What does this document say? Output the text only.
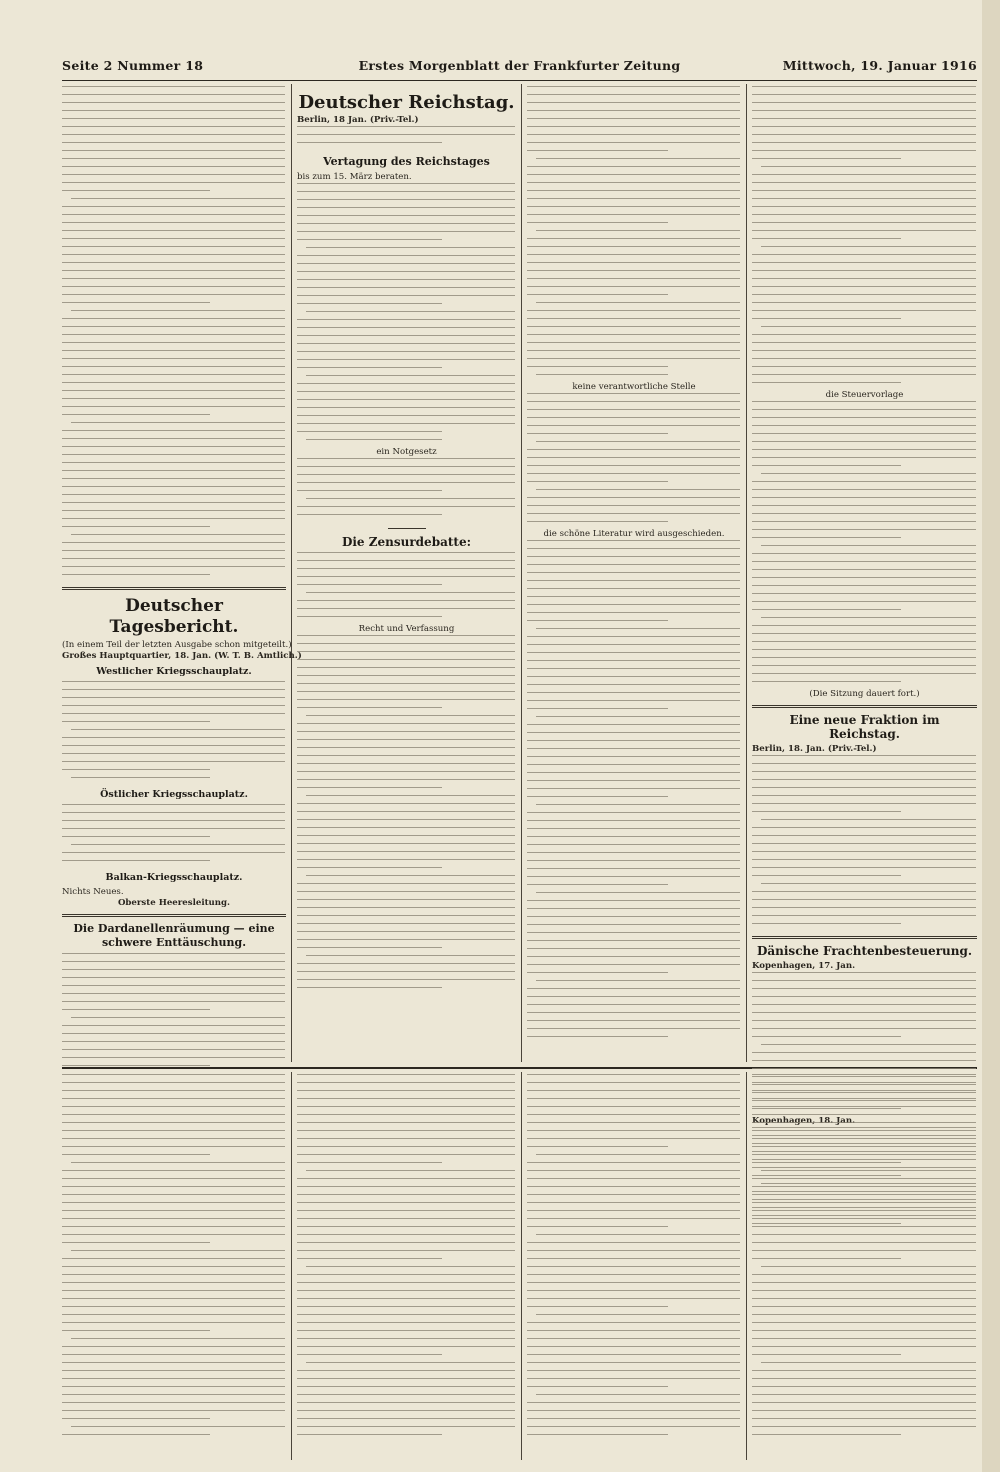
Seite 2 Nummer 18	Erstes Morgenblatt der Frankfurter Zeitung	Mittwoch, 19. Januar 1916
Deutscher Tagesbericht.
(In einem Teil der letzten Ausgabe schon mitgeteilt.)
Großes Hauptquartier, 18. Jan. (W. T. B. Amtlich.)
Westlicher Kriegsschauplatz.
Östlicher Kriegsschauplatz.
Balkan-Kriegsschauplatz.
Nichts Neues.
Oberste Heeresleitung.
Die Dardanellenräumung — eine schwere Enttäuschung.
Deutscher Reichstag.
Berlin, 18 Jan. (Priv.-Tel.)
Vertagung des Reichstages
bis zum 15. März beraten.
ein Notgesetz
Die Zensurdebatte:
Recht und Verfassung
keine verantwortliche Stelle
die schöne Literatur wird ausgeschieden.
die Steuervorlage
(Die Sitzung dauert fort.)
Eine neue Fraktion im Reichstag.
Berlin, 18. Jan. (Priv.-Tel.)
Dänische Frachtenbesteuerung.
Kopenhagen, 17. Jan.
Kopenhagen, 18. Jan.
